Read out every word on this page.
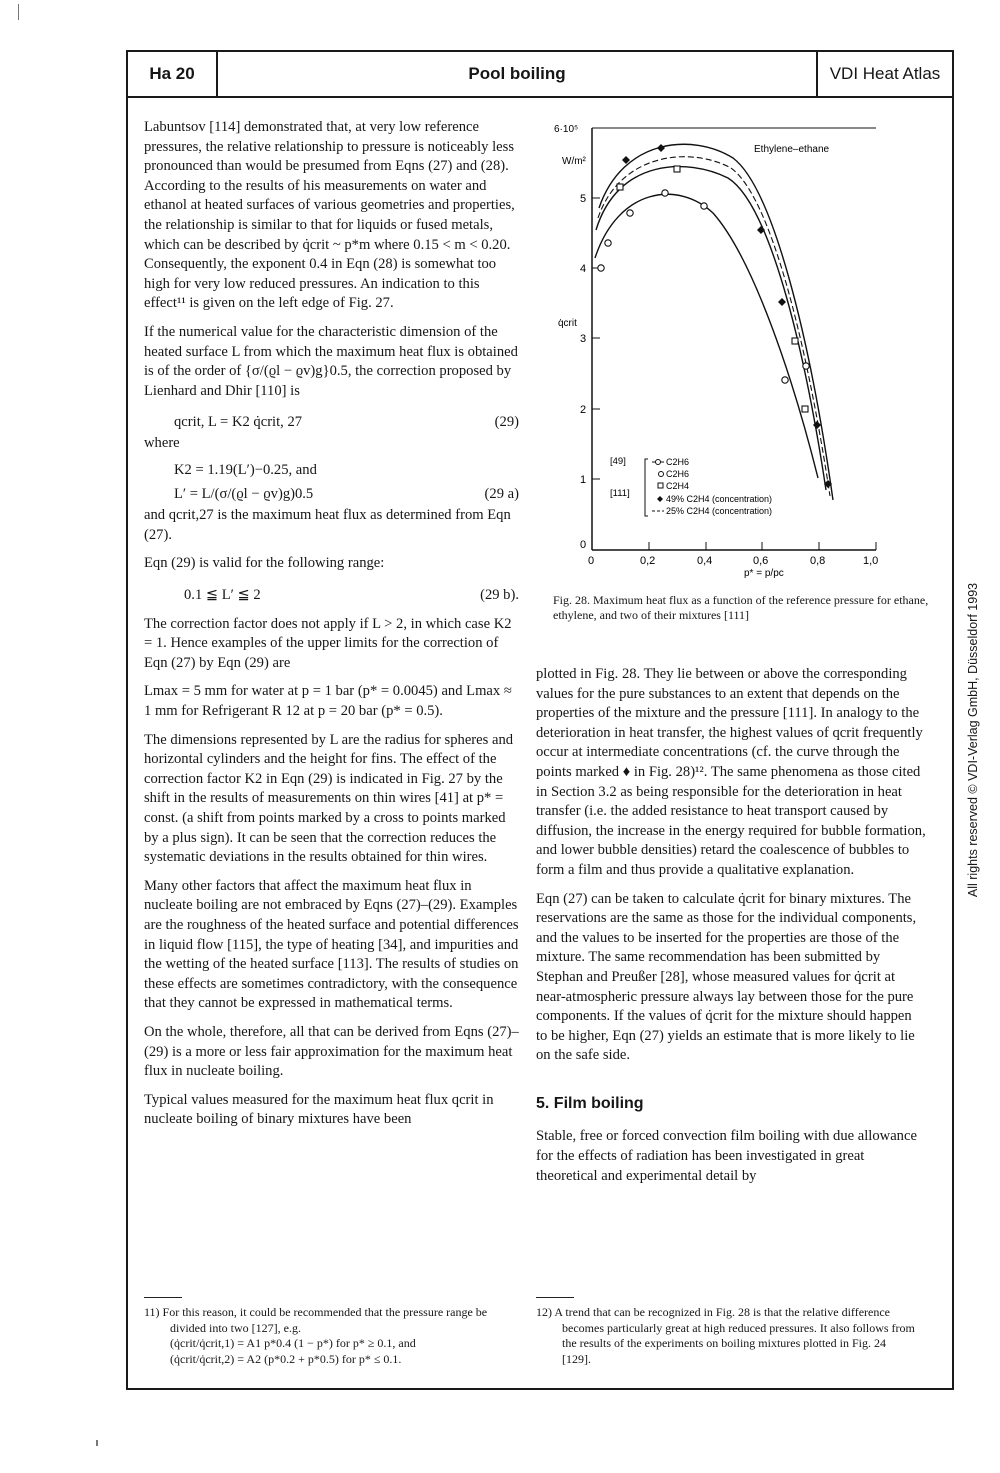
Ha 20	Pool boiling	VDI Heat Atlas

Labuntsov [114] demonstrated that, at very low reference pressures, the relative relationship to pressure is noticeably less pronounced than would be presumed from Eqns (27) and (28). According to the results of his measurements on water and ethanol at heated surfaces of various geometries and properties, the relationship is similar to that for liquids or fused metals, which can be described by q̇crit ~ p*m where 0.15 < m < 0.20. Consequently, the exponent 0.4 in Eqn (28) is somewhat too high for very low reduced pressures. An indication to this effect¹¹ is given on the left edge of Fig. 27.

If the numerical value for the characteristic dimension of the heated surface L from which the maximum heat flux is obtained is of the order of {σ/(ϱl − ϱv)g}0.5, the correction proposed by Lienhard and Dhir [110] is

qcrit, L = K2 q̇crit, 27	(29)
where
K2 = 1.19(L′)−0.25, and
L′ = L/(σ/(ϱl − ϱv)g)0.5	(29 a)

and qcrit,27 is the maximum heat flux as determined from Eqn (27).

Eqn (29) is valid for the following range:

0.1 ≦ L′ ≦ 2	(29 b).

The correction factor does not apply if L > 2, in which case K2 = 1. Hence examples of the upper limits for the correction of Eqn (27) by Eqn (29) are

Lmax = 5 mm for water at p = 1 bar (p* = 0.0045) and Lmax ≈ 1 mm for Refrigerant R 12 at p = 20 bar (p* = 0.5).

The dimensions represented by L are the radius for spheres and horizontal cylinders and the height for fins. The effect of the correction factor K2 in Eqn (29) is indicated in Fig. 27 by the shift in the results of measurements on thin wires [41] at p* = const. (a shift from points marked by a cross to points marked by a plus sign). It can be seen that the correction reduces the systematic deviations in the results obtained for thin wires.

Many other factors that affect the maximum heat flux in nucleate boiling are not embraced by Eqns (27)–(29). Examples are the roughness of the heated surface and potential differences in liquid flow [115], the type of heating [34], and impurities and the wetting of the heated surface [113]. The results of studies on these effects are sometimes contradictory, with the consequence that they cannot be expressed in mathematical terms.

On the whole, therefore, all that can be derived from Eqns (27)–(29) is a more or less fair approximation for the maximum heat flux in nucleate boiling.

Typical values measured for the maximum heat flux qcrit in nucleate boiling of binary mixtures have been

6·10⁵
W/m²
5
4
3
q̇crit
2
1
0
0	0,2	0,4	0,6	0,8	1,0
p* = p/pc
Ethylene–ethane
[49]
[111]
C2H6
C2H6
C2H4
49% C2H4 (concentration)
25% C2H4 (concentration)
Fig. 28. Maximum heat flux as a function of the reference pressure for ethane, ethylene, and two of their mixtures [111]

plotted in Fig. 28. They lie between or above the corresponding values for the pure substances to an extent that depends on the properties of the mixture and the pressure [111]. In analogy to the deterioration in heat transfer, the highest values of qcrit frequently occur at intermediate concentrations (cf. the curve through the points marked ♦ in Fig. 28)¹². The same phenomena as those cited in Section 3.2 as being responsible for the deterioration in heat transfer (i.e. the added resistance to heat transport caused by diffusion, the increase in the energy required for bubble formation, and lower bubble densities) retard the coalescence of bubbles to form a film and thus provide a qualitative explanation.

Eqn (27) can be taken to calculate q̇crit for binary mixtures. The reservations are the same as those for the individual components, and the values to be inserted for the properties are those of the mixture. The same recommendation has been submitted by Stephan and Preußer [28], whose measured values for q̇crit at near-atmospheric pressure always lay between those for the pure components. If the values of q̇crit for the mixture should happen to be higher, Eqn (27) yields an estimate that is more likely to lie on the safe side.

5. Film boiling

Stable, free or forced convection film boiling with due allowance for the effects of radiation has been investigated in great theoretical and experimental detail by

11) For this reason, it could be recommended that the pressure range be divided into two [127], e.g.

(q̇crit/q̇crit,1) = A1 p*0.4 (1 − p*) for p* ≥ 0.1, and

(q̇crit/q̇crit,2) = A2 (p*0.2 + p*0.5) for p* ≤ 0.1.

12) A trend that can be recognized in Fig. 28 is that the relative difference becomes particularly great at high reduced pressures. It also follows from the results of the experiments on boiling mixtures plotted in Fig. 24 [129].

All rights reserved © VDI-Verlag GmbH, Düsseldorf 1993
